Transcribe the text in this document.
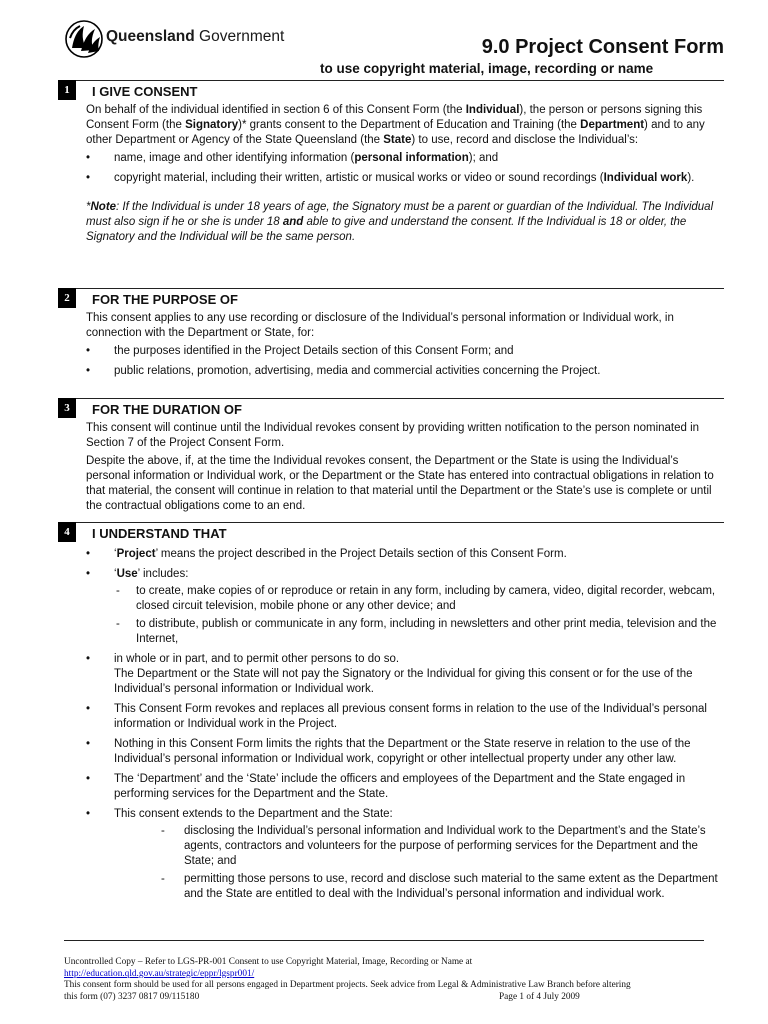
Queensland Government	9.0 Project Consent Form
to use copyright material, image, recording or name
1	I GIVE CONSENT

On behalf of the individual identified in section 6 of this Consent Form (the Individual), the person or persons signing this Consent Form (the Signatory)* grants consent to the Department of Education and Training (the Department) and to any other Department or Agency of the State Queensland (the State) to use, record and disclose the Individual’s:

• name, image and other identifying information (personal information); and
• copyright material, including their written, artistic or musical works or video or sound recordings (Individual work).

*Note: If the Individual is under 18 years of age, the Signatory must be a parent or guardian of the Individual. The Individual must also sign if he or she is under 18 and able to give and understand the consent. If the Individual is 18 or older, the Signatory and the Individual will be the same person.

2	FOR THE PURPOSE OF

This consent applies to any use recording or disclosure of the Individual’s personal information or Individual work, in connection with the Department or State, for:

• the purposes identified in the Project Details section of this Consent Form; and
• public relations, promotion, advertising, media and commercial activities concerning the Project.
3	FOR THE DURATION OF

This consent will continue until the Individual revokes consent by providing written notification to the person nominated in Section 7 of the Project Consent Form.

Despite the above, if, at the time the Individual revokes consent, the Department or the State is using the Individual’s personal information or Individual work, or the Department or the State has entered into contractual obligations in relation to that material, the consent will continue in relation to that material until the Department or the State’s use is complete or until the contractual obligations come to an end.

4	I UNDERSTAND THAT
• ‘Project’ means the project described in the Project Details section of this Consent Form.
• ‘Use’ includes:
- to create, make copies of or reproduce or retain in any form, including by camera, video, digital recorder, webcam, closed circuit television, mobile phone or any other device; and
- to distribute, publish or communicate in any form, including in newsletters and other print media, television and the Internet,
• in whole or in part, and to permit other persons to do so.
The Department or the State will not pay the Signatory or the Individual for giving this consent or for the use of the Individual’s personal information or Individual work.
• This Consent Form revokes and replaces all previous consent forms in relation to the use of the Individual’s personal information or Individual work in the Project.
• Nothing in this Consent Form limits the rights that the Department or the State reserve in relation to the use of the Individual’s personal information or Individual work, copyright or other intellectual property under any other law.
• The ‘Department’ and the ‘State’ include the officers and employees of the Department and the State engaged in performing services for the Department and the State.
• This consent extends to the Department and the State:
- disclosing the Individual’s personal information and Individual work to the Department’s and the State’s agents, contractors and volunteers for the purpose of performing services for the Department and the State; and
- permitting those persons to use, record and disclose such material to the same extent as the Department and the State are entitled to deal with the Individual’s personal information and individual work.
Uncontrolled Copy – Refer to LGS-PR-001 Consent to use Copyright Material, Image, Recording or Name at
http://education.qld.gov.au/strategic/eppr/lgspr001/
This consent form should be used for all persons engaged in Department projects. Seek advice from Legal & Administrative Law Branch before altering
this form (07) 3237 0817 09/115180	Page 1 of 4 July 2009
